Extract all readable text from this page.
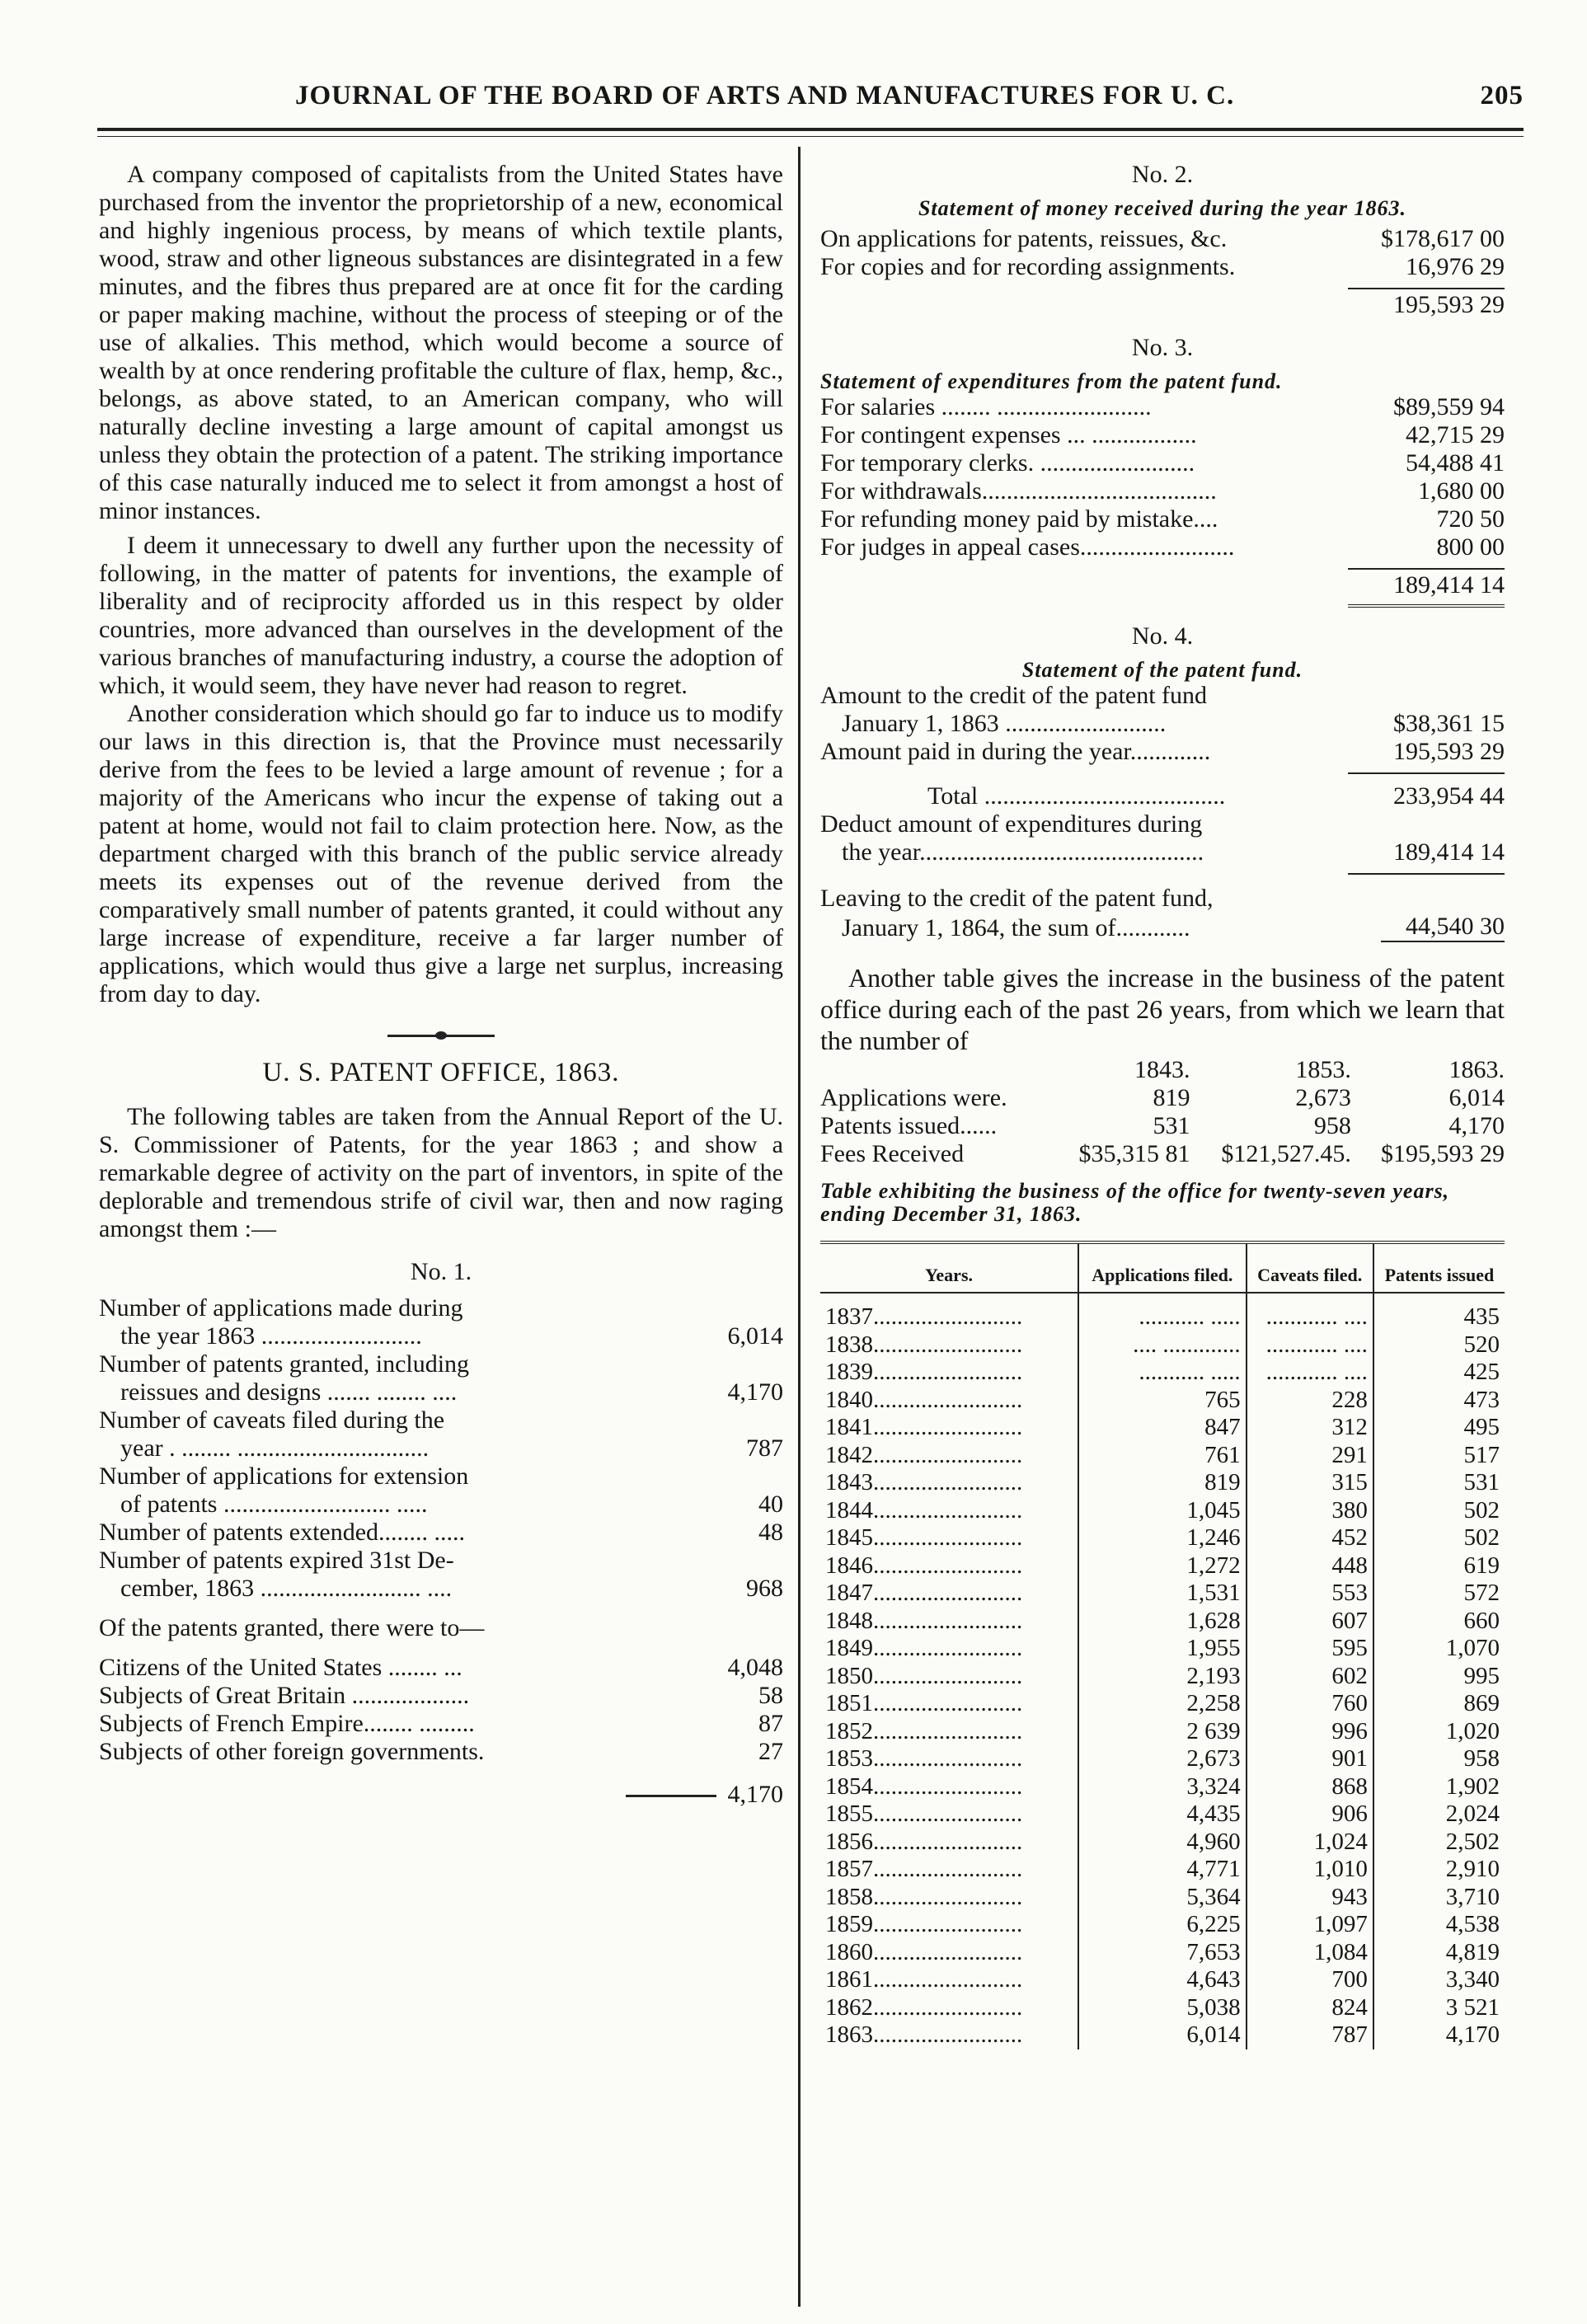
JOURNAL OF THE BOARD OF ARTS AND MANUFACTURES FOR U. C.	205

A company composed of capitalists from the United States have purchased from the inventor the proprietorship of a new, economical and highly ingenious process, by means of which textile plants, wood, straw and other ligneous substances are disintegrated in a few minutes, and the fibres thus prepared are at once fit for the carding or paper making machine, without the process of steeping or of the use of alkalies. This method, which would become a source of wealth by at once rendering profitable the culture of flax, hemp, &c., belongs, as above stated, to an American company, who will naturally decline investing a large amount of capital amongst us unless they obtain the protection of a patent. The striking importance of this case naturally induced me to select it from amongst a host of minor instances.

I deem it unnecessary to dwell any further upon the necessity of following, in the matter of patents for inventions, the example of liberality and of reciprocity afforded us in this respect by older countries, more advanced than ourselves in the development of the various branches of manufacturing industry, a course the adoption of which, it would seem, they have never had reason to regret.

Another consideration which should go far to induce us to modify our laws in this direction is, that the Province must necessarily derive from the fees to be levied a large amount of revenue ; for a majority of the Americans who incur the expense of taking out a patent at home, would not fail to claim protection here. Now, as the department charged with this branch of the public service already meets its expenses out of the revenue derived from the comparatively small number of patents granted, it could without any large increase of expenditure, receive a far larger number of applications, which would thus give a large net surplus, increasing from day to day.

U. S. PATENT OFFICE, 1863.

The following tables are taken from the Annual Report of the U. S. Commissioner of Patents, for the year 1863 ; and show a remarkable degree of activity on the part of inventors, in spite of the deplorable and tremendous strife of civil war, then and now raging amongst them :—

No. 1.
Number of applications made during
the year 1863 ..........................	6,014
Number of patents granted, including
reissues and designs ....... ........ ....	4,170
Number of caveats filed during the
year . ........ ...............................	787
Number of applications for extension
of patents ........................... .....	40
Number of patents extended........ .....	48
Number of patents expired 31st De-
cember, 1863 .......................... ....	968

Of the patents granted, there were to—

Citizens of the United States ........ ...	4,048
Subjects of Great Britain ...................	58
Subjects of French Empire........ .........	87
Subjects of other foreign governments.	27
4,170
No. 2.
Statement of money received during the year 1863.
On applications for patents, reissues, &c.	$178,617 00
For copies and for recording assignments.	16,976 29
195,593 29
No. 3.
Statement of expenditures from the patent fund.
For salaries ........ .........................	$89,559 94
For contingent expenses ... .................	42,715 29
For temporary clerks. .........................	54,488 41
For withdrawals......................................	1,680 00
For refunding money paid by mistake....	720 50
For judges in appeal cases.........................	800 00
189,414 14
No. 4.
Statement of the patent fund.
Amount to the credit of the patent fund
January 1, 1863 ..........................	$38,361 15
Amount paid in during the year.............	195,593 29
Total .......................................	233,954 44
Deduct amount of expenditures during
the year..............................................	189,414 14
Leaving to the credit of the patent fund,
January 1, 1864, the sum of............	44,540 30

Another table gives the increase in the business of the patent office during each of the past 26 years, from which we learn that the number of

	1843.	1853.	1863.
Applications were.	819	2,673	6,014
Patents issued......	531	958	4,170
Fees Received	$35,315 81	$121,527.45.	$195,593 29
Table exhibiting the business of the office for twenty-seven years, ending December 31, 1863.
Years.	Applications filed.	Caveats filed.	Patents issued
1837.........................	........... .....	............ ....	435
1838.........................	.... .............	............ ....	520
1839.........................	........... .....	............ ....	425
1840.........................	765	228	473
1841.........................	847	312	495
1842.........................	761	291	517
1843.........................	819	315	531
1844.........................	1,045	380	502
1845.........................	1,246	452	502
1846.........................	1,272	448	619
1847.........................	1,531	553	572
1848.........................	1,628	607	660
1849.........................	1,955	595	1,070
1850.........................	2,193	602	995
1851.........................	2,258	760	869
1852.........................	2 639	996	1,020
1853.........................	2,673	901	958
1854.........................	3,324	868	1,902
1855.........................	4,435	906	2,024
1856.........................	4,960	1,024	2,502
1857.........................	4,771	1,010	2,910
1858.........................	5,364	943	3,710
1859.........................	6,225	1,097	4,538
1860.........................	7,653	1,084	4,819
1861.........................	4,643	700	3,340
1862.........................	5,038	824	3 521
1863.........................	6,014	787	4,170
